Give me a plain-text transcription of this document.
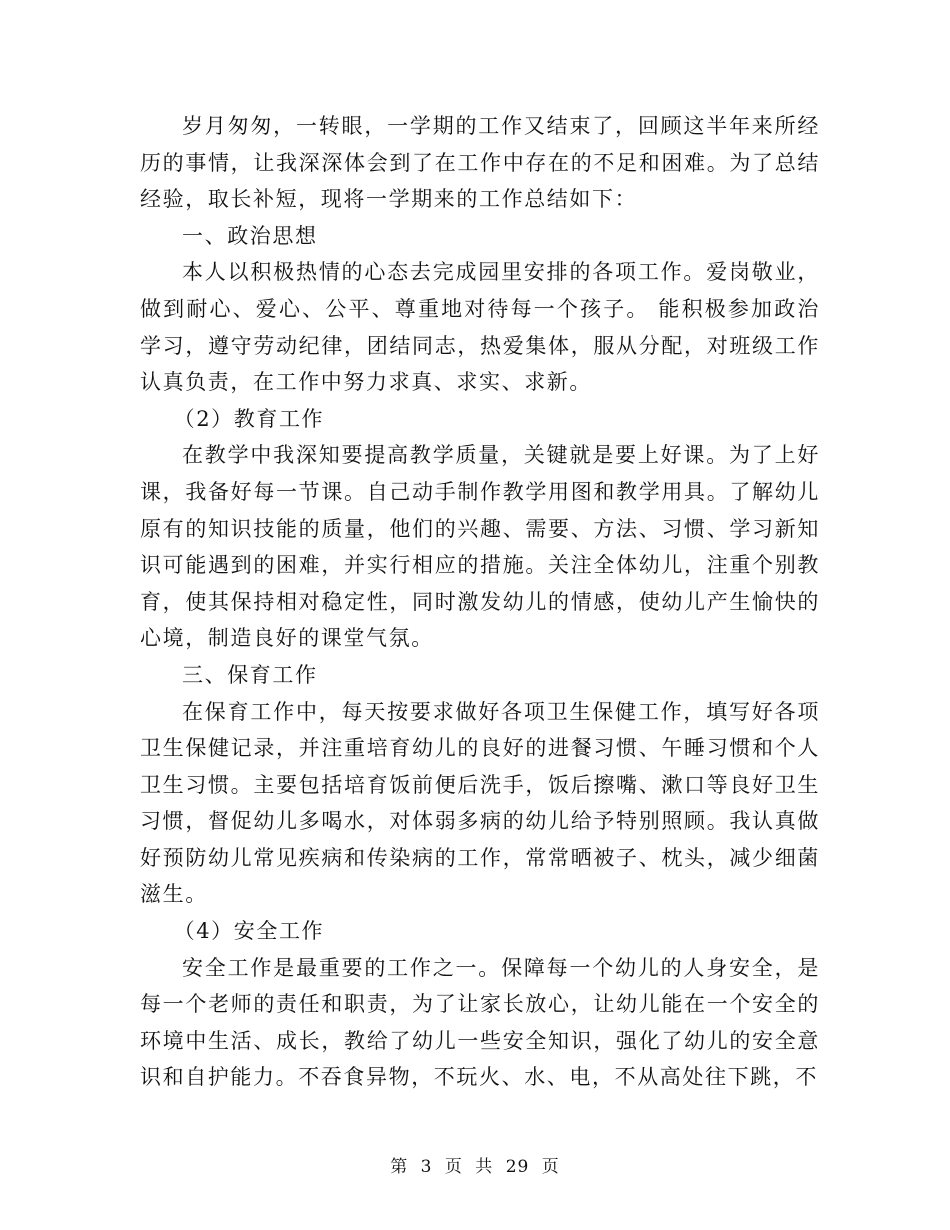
岁月匆匆，一转眼，一学期的工作又结束了，回顾这半年来所经历的事情，让我深深体会到了在工作中存在的不足和困难。为了总结经验，取长补短，现将一学期来的工作总结如下：

一、政治思想

本人以积极热情的心态去完成园里安排的各项工作。爱岗敬业，做到耐心、爱心、公平、尊重地对待每一个孩子。 能积极参加政治学习，遵守劳动纪律，团结同志，热爱集体，服从分配，对班级工作认真负责，在工作中努力求真、求实、求新。

（2）教育工作

在教学中我深知要提高教学质量，关键就是要上好课。为了上好课，我备好每一节课。自己动手制作教学用图和教学用具。了解幼儿原有的知识技能的质量，他们的兴趣、需要、方法、习惯、学习新知识可能遇到的困难，并实行相应的措施。关注全体幼儿，注重个别教育，使其保持相对稳定性，同时激发幼儿的情感，使幼儿产生愉快的心境，制造良好的课堂气氛。

三、保育工作

在保育工作中，每天按要求做好各项卫生保健工作，填写好各项卫生保健记录，并注重培育幼儿的良好的进餐习惯、午睡习惯和个人卫生习惯。主要包括培育饭前便后洗手，饭后擦嘴、漱口等良好卫生习惯，督促幼儿多喝水，对体弱多病的幼儿给予特别照顾。我认真做好预防幼儿常见疾病和传染病的工作，常常晒被子、枕头，减少细菌滋生。

（4）安全工作

安全工作是最重要的工作之一。保障每一个幼儿的人身安全，是每一个老师的责任和职责，为了让家长放心，让幼儿能在一个安全的环境中生活、成长，教给了幼儿一些安全知识，强化了幼儿的安全意识和自护能力。不吞食异物，不玩火、水、电，不从高处往下跳，不

第 3 页 共 29 页
